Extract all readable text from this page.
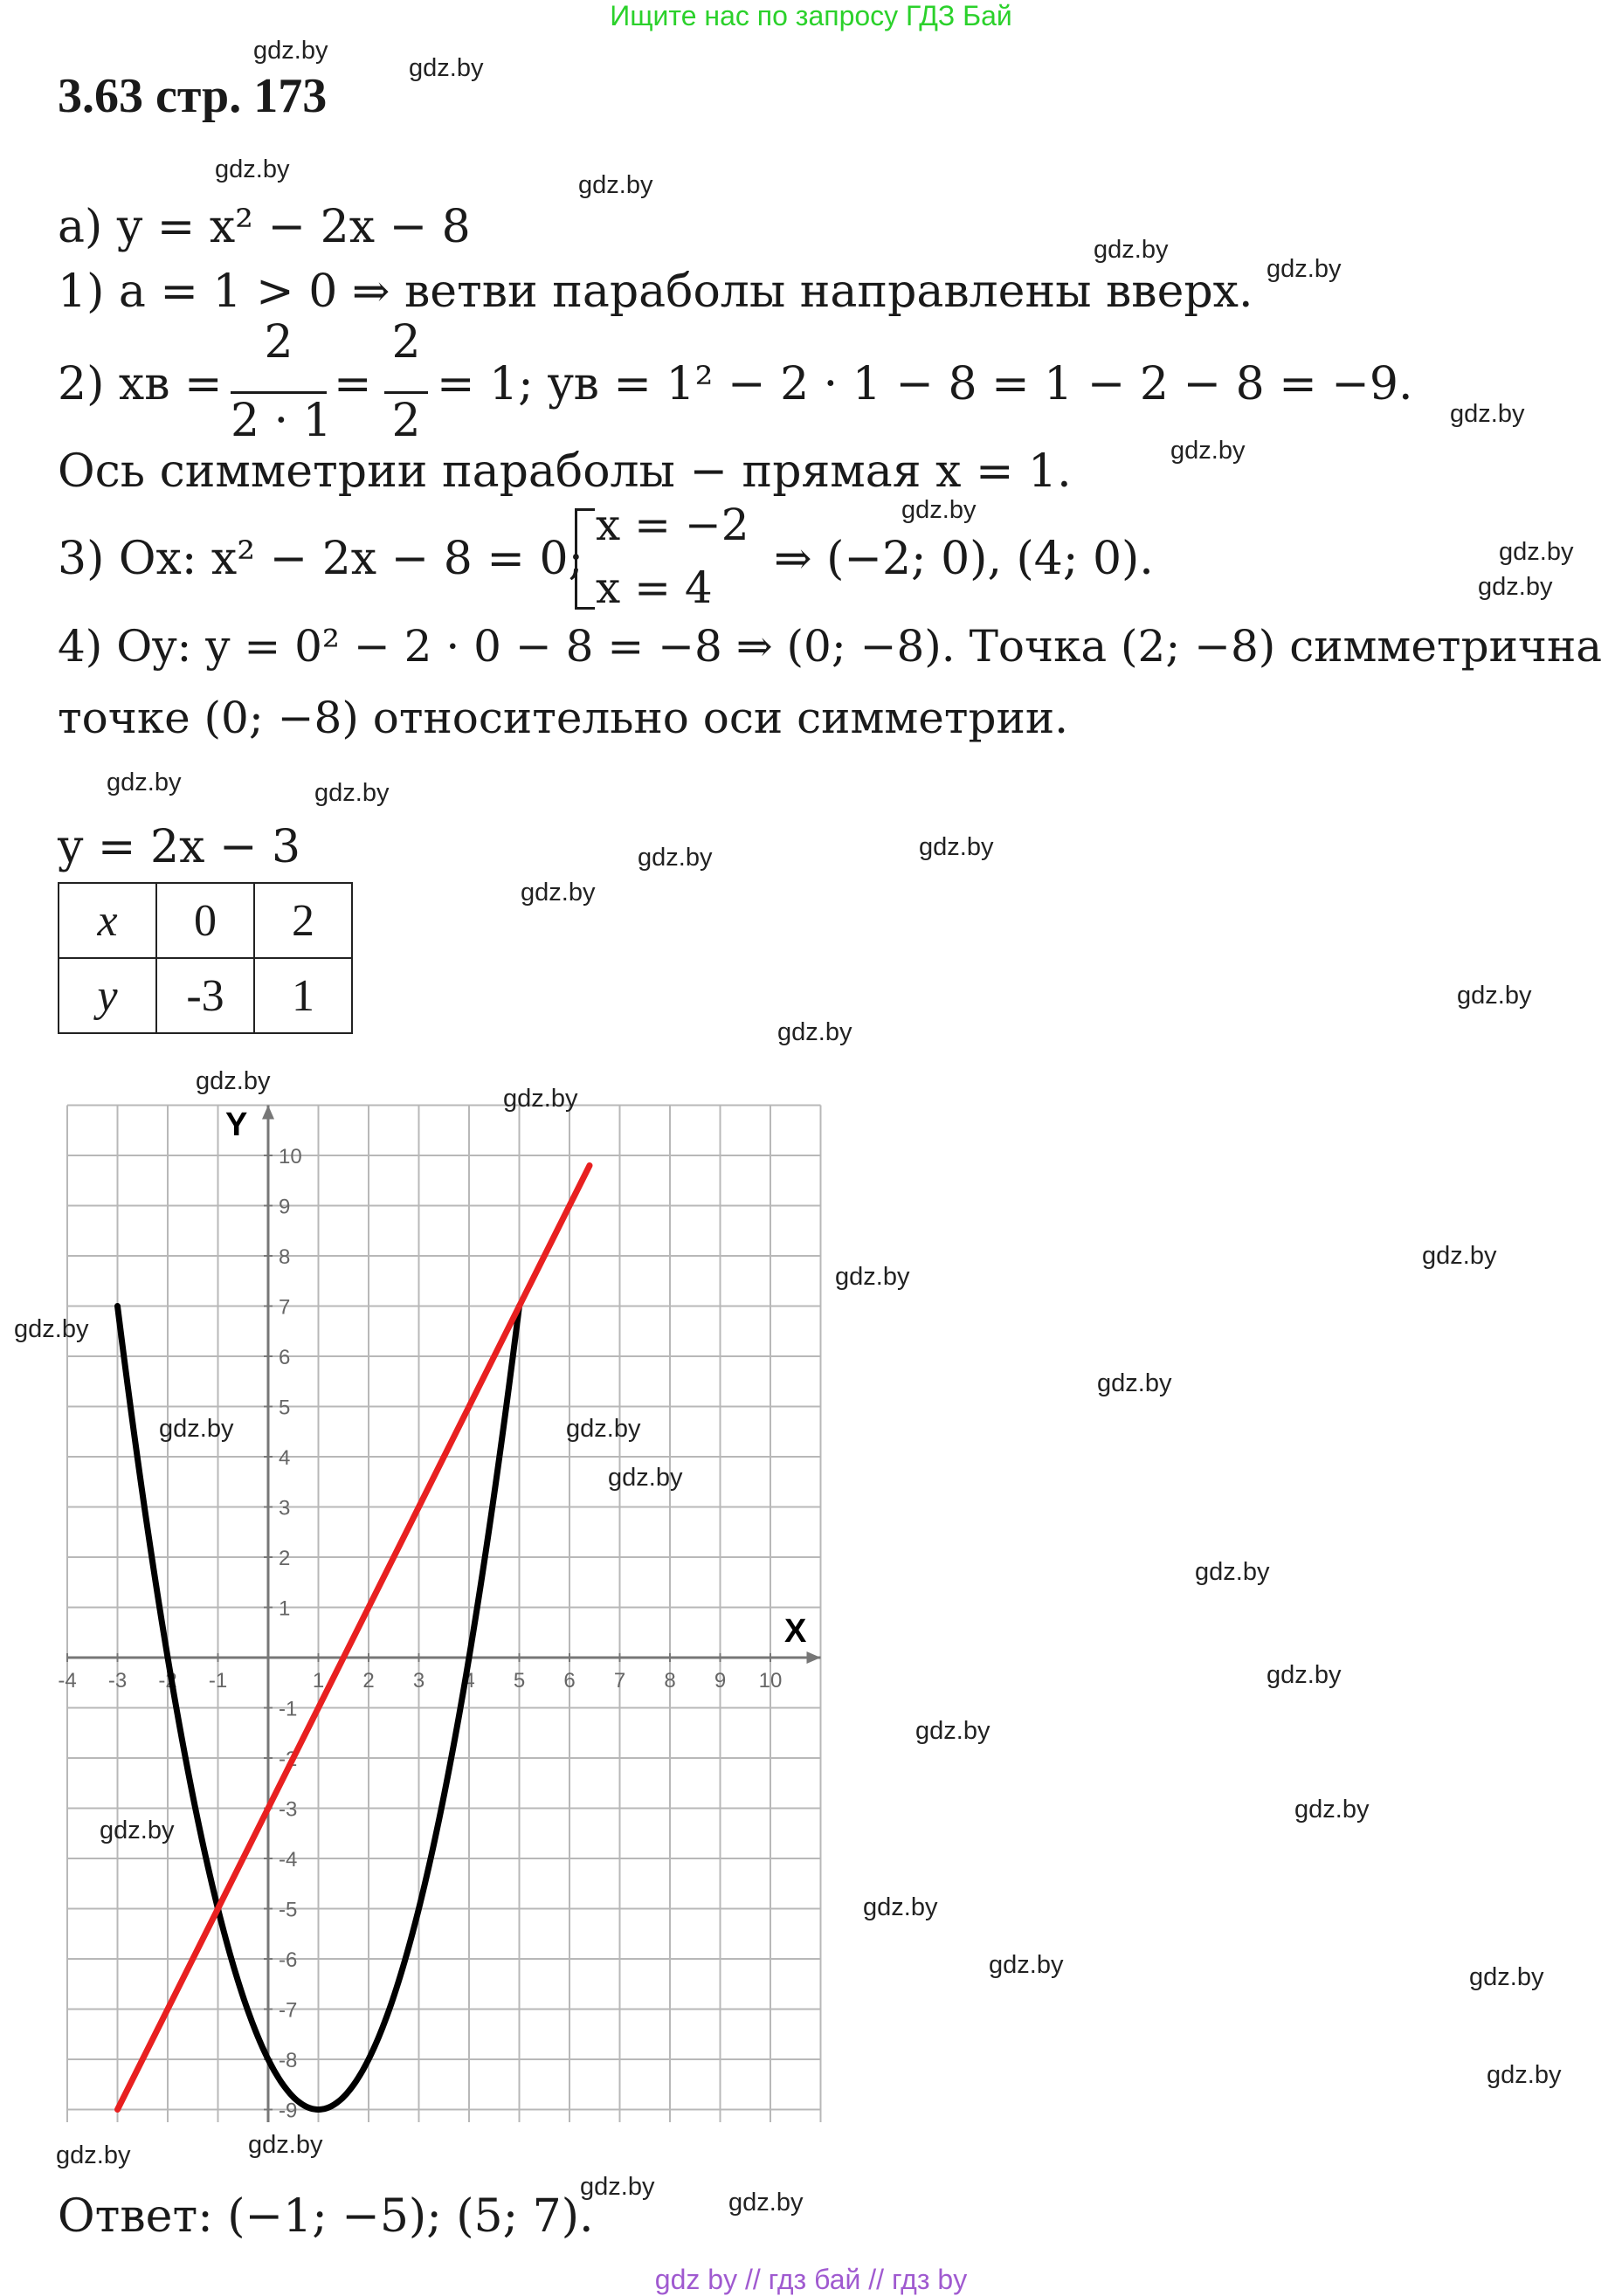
Ищите нас по запросу ГДЗ Бай
3.63 стр. 173
а) y = x² − 2x − 8
1) a = 1 > 0 ⇒ ветви параболы направлены вверх.
2) xв =
2
2 · 1
=
2
2
= 1; yв = 1² − 2 · 1 − 8 = 1 − 2 − 8 = −9.
Ось симметрии параболы − прямая x = 1.
3) Ox: x² − 2x − 8 = 0;
x = −2
x = 4
⇒ (−2; 0), (4; 0).
4) Oy: y = 0² − 2 · 0 − 8 = −8 ⇒ (0; −8). Точка (2; −8) симметрична
точке (0; −8) относительно оси симметрии.
y = 2x − 3
x	0	2
y	-3	1
-4 -3 -2 -1	1 2 3 4 5 6 7 8 9 10
10
9
8
7
6
5
4
3
2
1
-1
-2
-3
-4
-5
-6
-7
-8
-9
X
Y
Ответ: (−1; −5); (5; 7).
gdz.by
gdz.by
gdz.by
gdz.by
gdz.by
gdz.by
gdz.by
gdz.by
gdz.by
gdz.by
gdz.by
gdz.by	gdz.by
gdz.by	gdz.by
gdz.by
gdz.by
gdz.by
gdz.by
gdz.by
gdz.by
gdz.by
gdz.by
gdz.by
gdz.by	gdz.by
gdz.by
gdz.by
gdz.by
gdz.by
gdz.by
gdz.by
gdz.by
gdz.by	gdz.by
gdz.by
gdz.by	gdz.by
gdz.by
gdz.by
gdz by // гдз бай // гдз by
